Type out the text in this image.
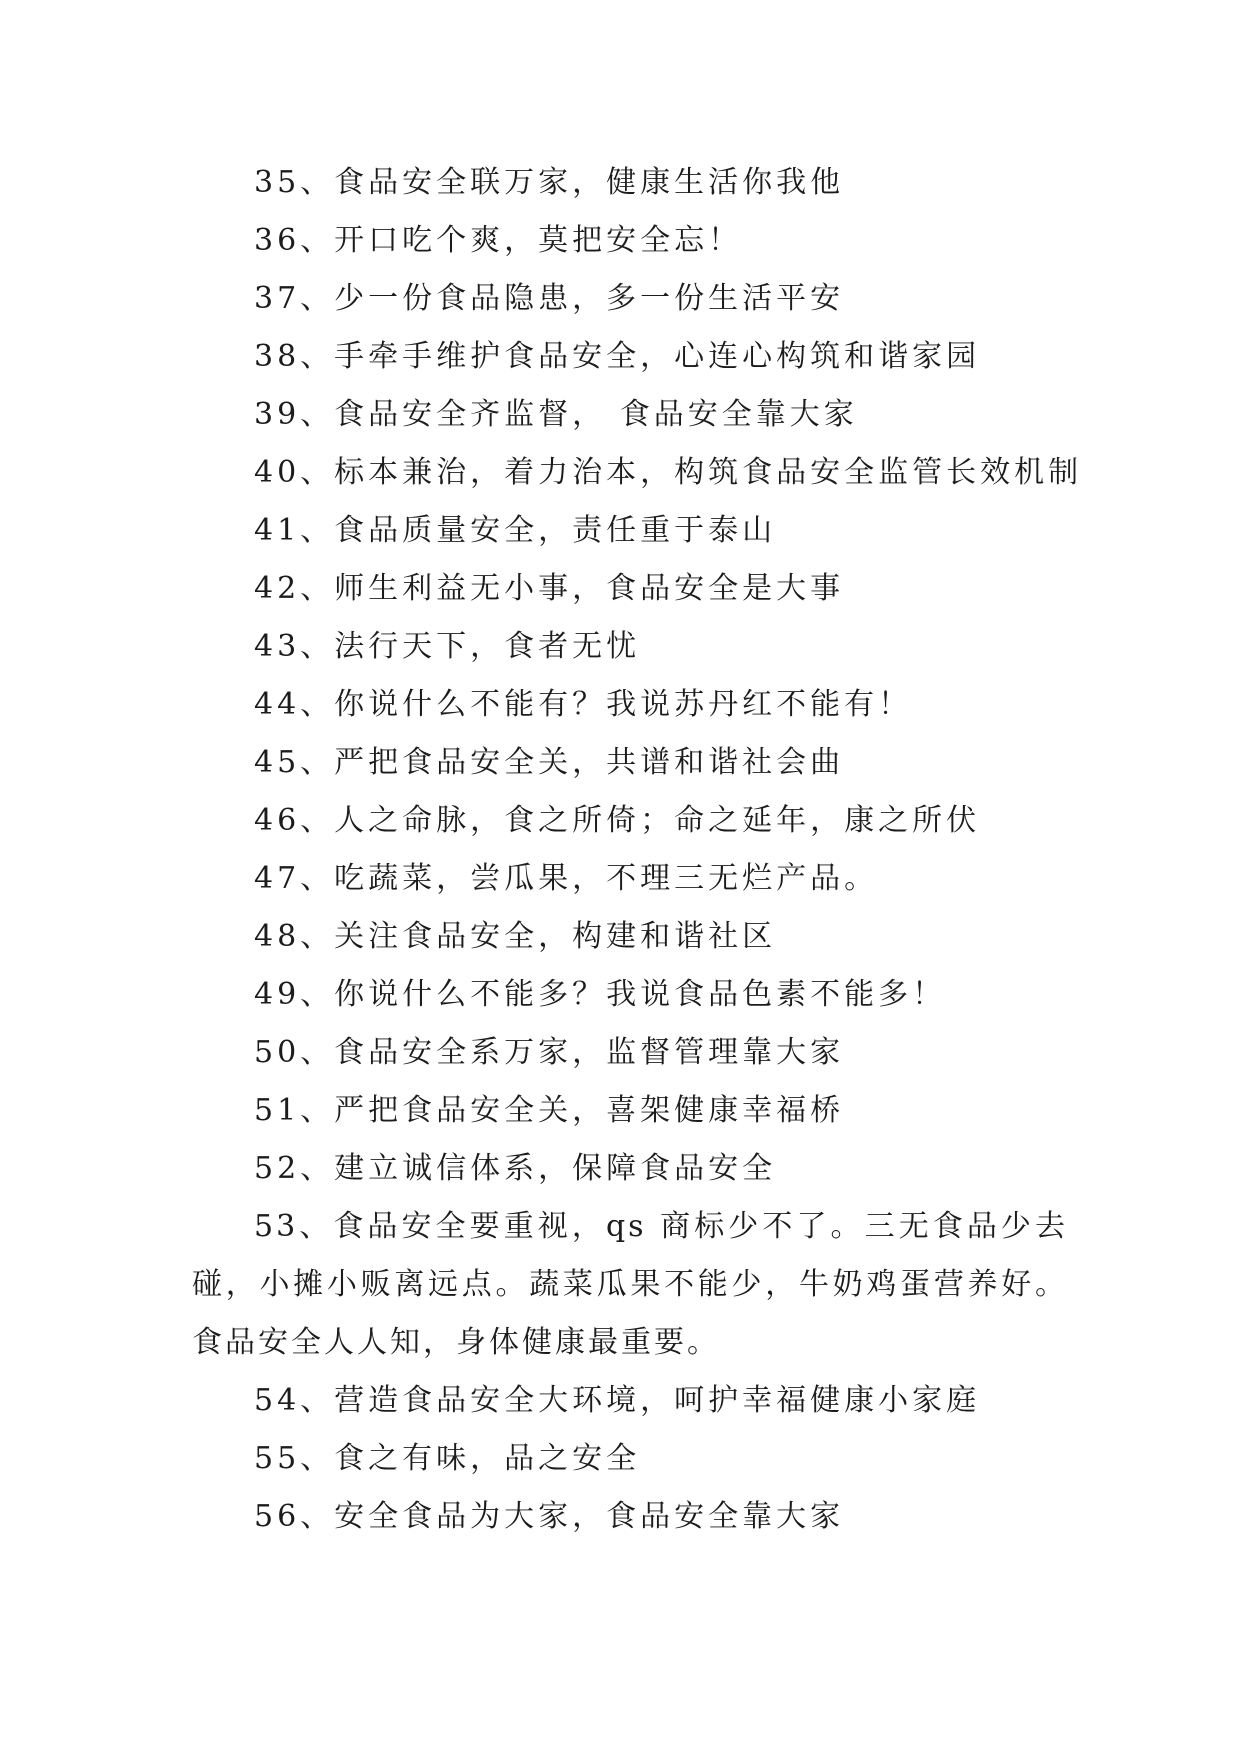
35、食品安全联万家，健康生活你我他

36、开口吃个爽，莫把安全忘！

37、少一份食品隐患，多一份生活平安

38、手牵手维护食品安全，心连心构筑和谐家园

39、食品安全齐监督， 食品安全靠大家

40、标本兼治，着力治本，构筑食品安全监管长效机制

41、食品质量安全，责任重于泰山

42、师生利益无小事，食品安全是大事

43、法行天下，食者无忧

44、你说什么不能有？我说苏丹红不能有！

45、严把食品安全关，共谱和谐社会曲

46、人之命脉，食之所倚；命之延年，康之所伏

47、吃蔬菜，尝瓜果，不理三无烂产品。

48、关注食品安全，构建和谐社区

49、你说什么不能多？我说食品色素不能多！

50、食品安全系万家，监督管理靠大家

51、严把食品安全关，喜架健康幸福桥

52、建立诚信体系，保障食品安全

53、食品安全要重视，qs 商标少不了。三无食品少去碰，小摊小贩离远点。蔬菜瓜果不能少，牛奶鸡蛋营养好。食品安全人人知，身体健康最重要。

54、营造食品安全大环境，呵护幸福健康小家庭

55、食之有味，品之安全

56、安全食品为大家，食品安全靠大家
